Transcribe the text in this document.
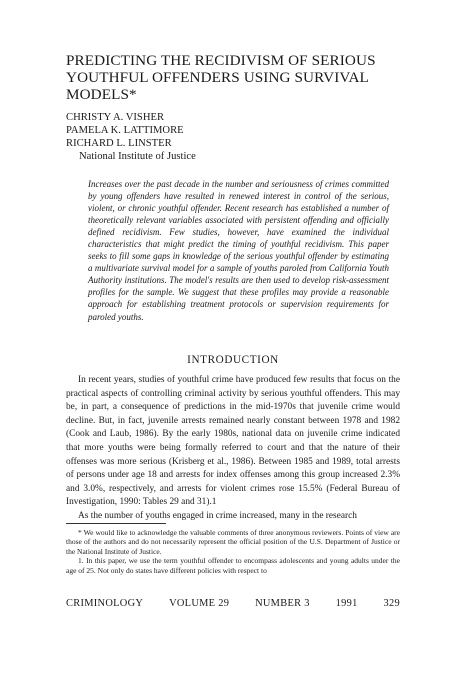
PREDICTING THE RECIDIVISM OF SERIOUS YOUTHFUL OFFENDERS USING SURVIVAL MODELS*
CHRISTY A. VISHER
PAMELA K. LATTIMORE
RICHARD L. LINSTER
National Institute of Justice
Increases over the past decade in the number and seriousness of crimes committed by young offenders have resulted in renewed interest in control of the serious, violent, or chronic youthful offender. Recent research has established a number of theoretically relevant variables associated with persistent offending and officially defined recidivism. Few studies, however, have examined the individual characteristics that might predict the timing of youthful recidivism. This paper seeks to fill some gaps in knowledge of the serious youthful offender by estimating a multivariate survival model for a sample of youths paroled from California Youth Authority institutions. The model's results are then used to develop risk-assessment profiles for the sample. We suggest that these profiles may provide a reasonable approach for establishing treatment protocols or supervision requirements for paroled youths.
INTRODUCTION

In recent years, studies of youthful crime have produced few results that focus on the practical aspects of controlling criminal activity by serious youthful offenders. This may be, in part, a consequence of predictions in the mid-1970s that juvenile crime would decline. But, in fact, juvenile arrests remained nearly constant between 1978 and 1982 (Cook and Laub, 1986). By the early 1980s, national data on juvenile crime indicated that more youths were being formally referred to court and that the nature of their offenses was more serious (Krisberg et al., 1986). Between 1985 and 1989, total arrests of persons under age 18 and arrests for index offenses among this group increased 2.3% and 3.0%, respectively, and arrests for violent crimes rose 15.5% (Federal Bureau of Investigation, 1990: Tables 29 and 31).1

As the number of youths engaged in crime increased, many in the research

* We would like to acknowledge the valuable comments of three anonymous reviewers. Points of view are those of the authors and do not necessarily represent the official position of the U.S. Department of Justice or the National Institute of Justice.

1. In this paper, we use the term youthful offender to encompass adolescents and young adults under the age of 25. Not only do states have different policies with respect to

CRIMINOLOGY VOLUME 29 NUMBER 3 1991 329
